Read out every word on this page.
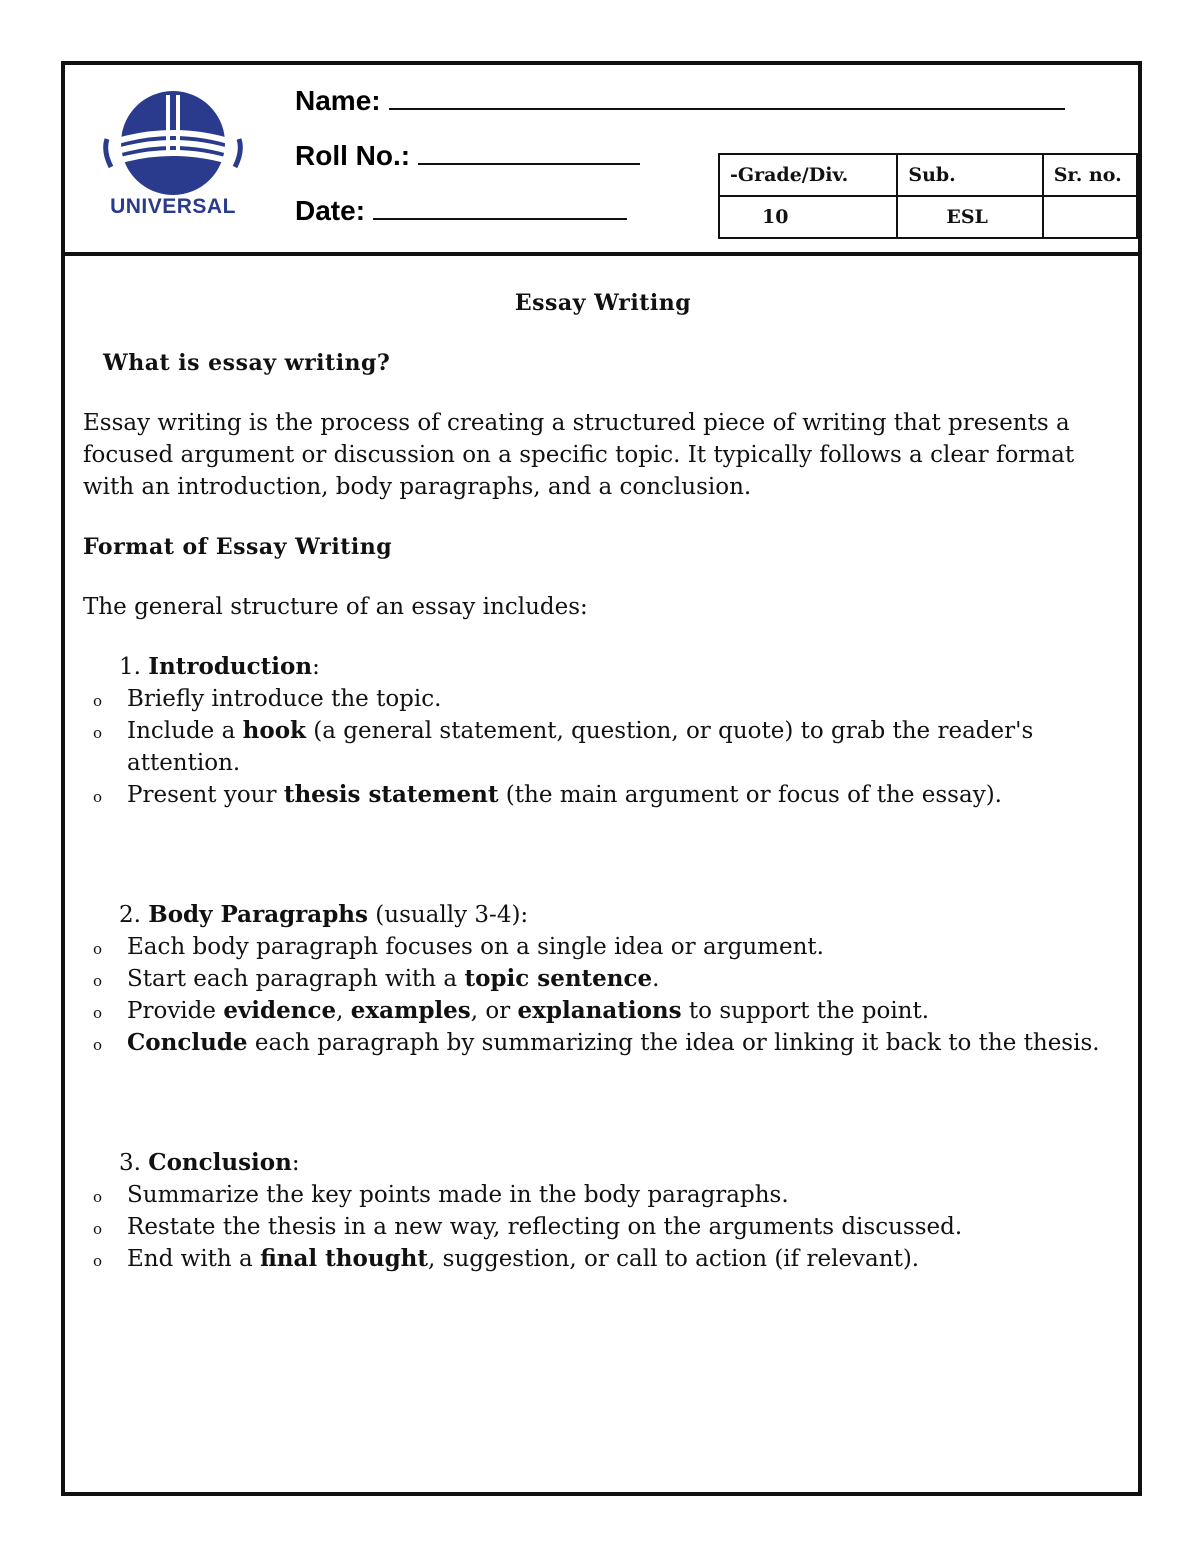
UNIVERSAL
Name:
Roll No.:
Date:
-Grade/Div.	Sub.	Sr. no.
10	ESL	

Essay Writing

What is essay writing?

Essay writing is the process of creating a structured piece of writing that presents a focused argument or discussion on a specific topic. It typically follows a clear format with an introduction, body paragraphs, and a conclusion.

Format of Essay Writing

The general structure of an essay includes:

1. Introduction:

o Briefly introduce the topic.
o Include a hook (a general statement, question, or quote) to grab the reader's attention.
o Present your thesis statement (the main argument or focus of the essay).

2. Body Paragraphs (usually 3-4):

o Each body paragraph focuses on a single idea or argument.
o Start each paragraph with a topic sentence.
o Provide evidence, examples, or explanations to support the point.
o Conclude each paragraph by summarizing the idea or linking it back to the thesis.

3. Conclusion:

o Summarize the key points made in the body paragraphs.
o Restate the thesis in a new way, reflecting on the arguments discussed.
o End with a final thought, suggestion, or call to action (if relevant).
